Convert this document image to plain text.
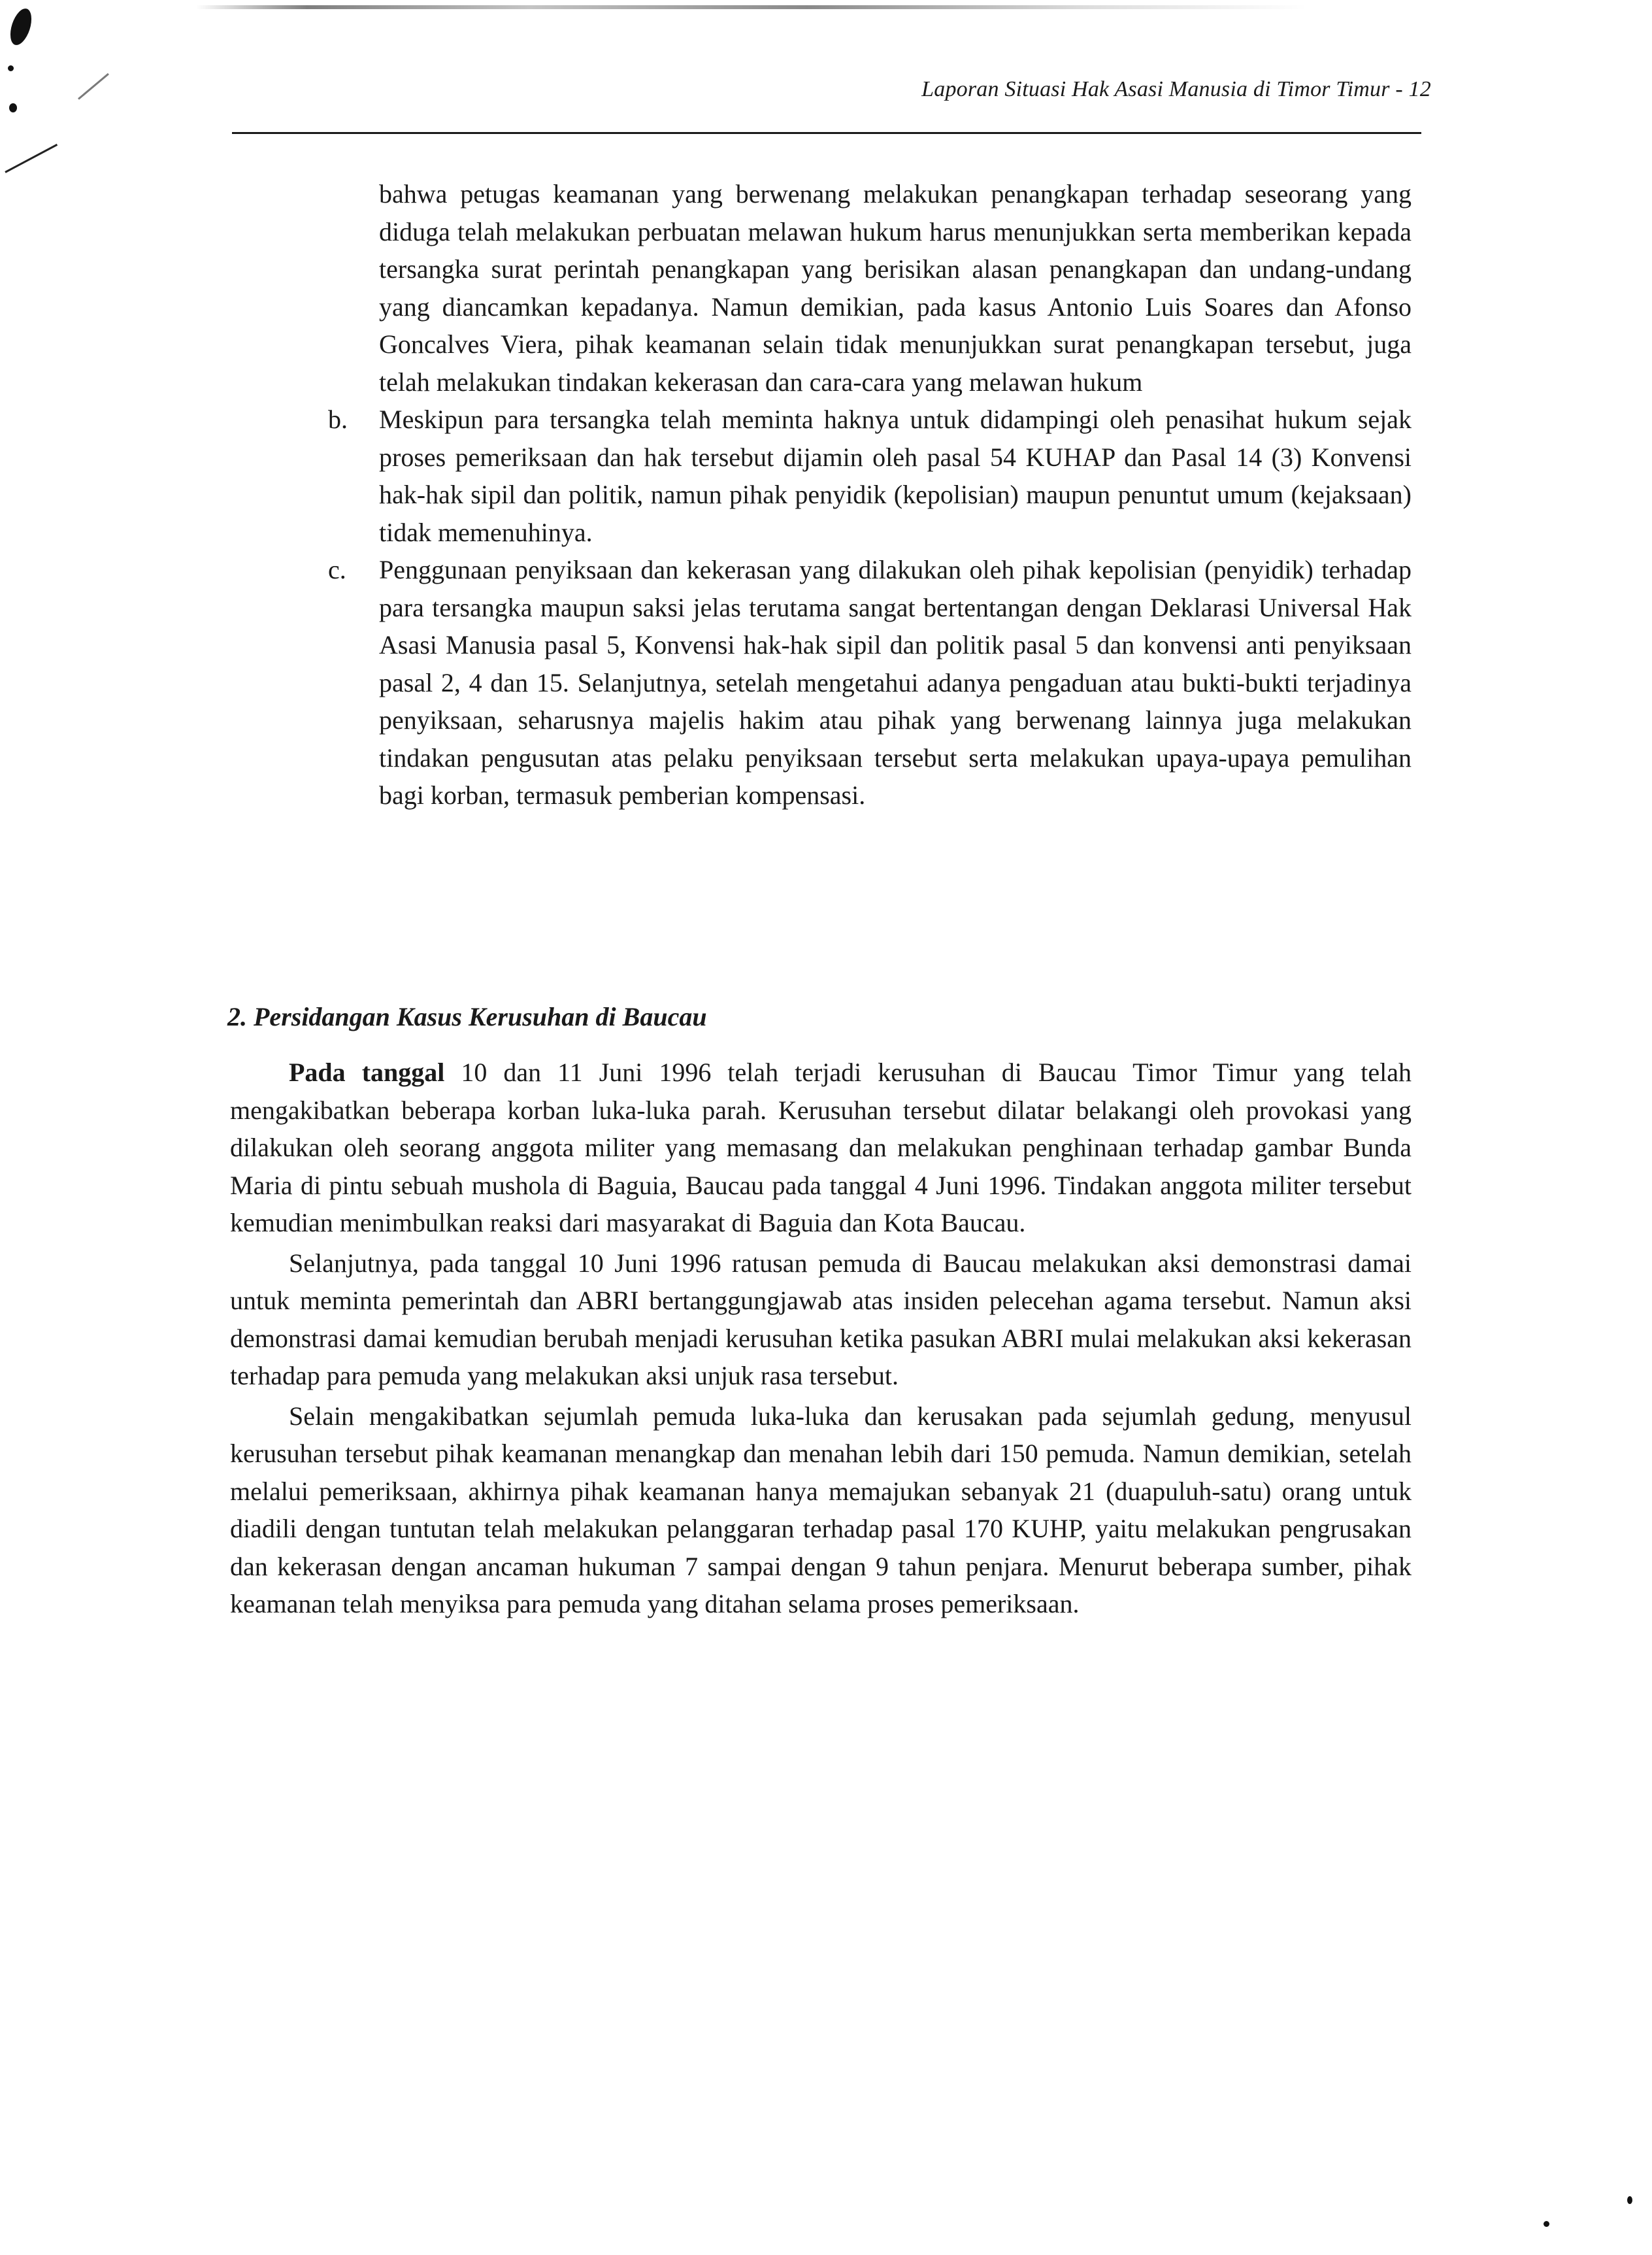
Laporan Situasi Hak Asasi Manusia di Timor Timur - 12

bahwa petugas keamanan yang berwenang melakukan penangkapan terhadap seseorang yang diduga telah melakukan perbuatan melawan hukum harus menunjukkan serta memberikan kepada tersangka surat perintah penangkapan yang berisikan alasan penangkapan dan undang-undang yang diancamkan kepadanya. Namun demikian, pada kasus Antonio Luis Soares dan Afonso Goncalves Viera, pihak keamanan selain tidak menunjukkan surat penangkapan tersebut, juga telah melakukan tindakan kekerasan dan cara-cara yang melawan hukum

b. Meskipun para tersangka telah meminta haknya untuk didampingi oleh penasihat hukum sejak proses pemeriksaan dan hak tersebut dijamin oleh pasal 54 KUHAP dan Pasal 14 (3) Konvensi hak-hak sipil dan politik, namun pihak penyidik (kepolisian) maupun penuntut umum (kejaksaan) tidak memenuhinya.

c.	Penggunaan penyiksaan dan kekerasan yang dilakukan oleh pihak kepolisian (penyidik) terhadap para tersangka maupun saksi jelas terutama sangat bertentangan dengan Deklarasi Universal Hak Asasi Manusia pasal 5, Konvensi hak-hak sipil dan politik pasal 5 dan konvensi anti penyiksaan pasal 2, 4 dan 15. Selanjutnya, setelah mengetahui adanya pengaduan atau bukti-bukti terjadinya penyiksaan, seharusnya majelis hakim atau pihak yang berwenang lainnya juga melakukan tindakan pengusutan atas pelaku penyiksaan tersebut serta melakukan upaya-upaya pemulihan bagi korban, termasuk pemberian kompensasi.

2. Persidangan Kasus Kerusuhan di Baucau

Pada tanggal 10 dan 11 Juni 1996 telah terjadi kerusuhan di Baucau Timor Timur yang telah mengakibatkan beberapa korban luka-luka parah. Kerusuhan tersebut dilatar belakangi oleh provokasi yang dilakukan oleh seorang anggota militer yang memasang dan melakukan penghinaan terhadap gambar Bunda Maria di pintu sebuah mushola di Baguia, Baucau pada tanggal 4 Juni 1996. Tindakan anggota militer tersebut kemudian menimbulkan reaksi dari masyarakat di Baguia dan Kota Baucau.

Selanjutnya, pada tanggal 10 Juni 1996 ratusan pemuda di Baucau melakukan aksi demonstrasi damai untuk meminta pemerintah dan ABRI bertanggungjawab atas insiden pelecehan agama tersebut. Namun aksi demonstrasi damai kemudian berubah menjadi kerusuhan ketika pasukan ABRI mulai melakukan aksi kekerasan terhadap para pemuda yang melakukan aksi unjuk rasa tersebut.

Selain mengakibatkan sejumlah pemuda luka-luka dan kerusakan pada sejumlah gedung, menyusul kerusuhan tersebut pihak keamanan menangkap dan menahan lebih dari 150 pemuda. Namun demikian, setelah melalui pemeriksaan, akhirnya pihak keamanan hanya memajukan sebanyak 21 (duapuluh-satu) orang untuk diadili dengan tuntutan telah melakukan pelanggaran terhadap pasal 170 KUHP, yaitu melakukan pengrusakan dan kekerasan dengan ancaman hukuman 7 sampai dengan 9 tahun penjara. Menurut beberapa sumber, pihak keamanan telah menyiksa para pemuda yang ditahan selama proses pemeriksaan.
